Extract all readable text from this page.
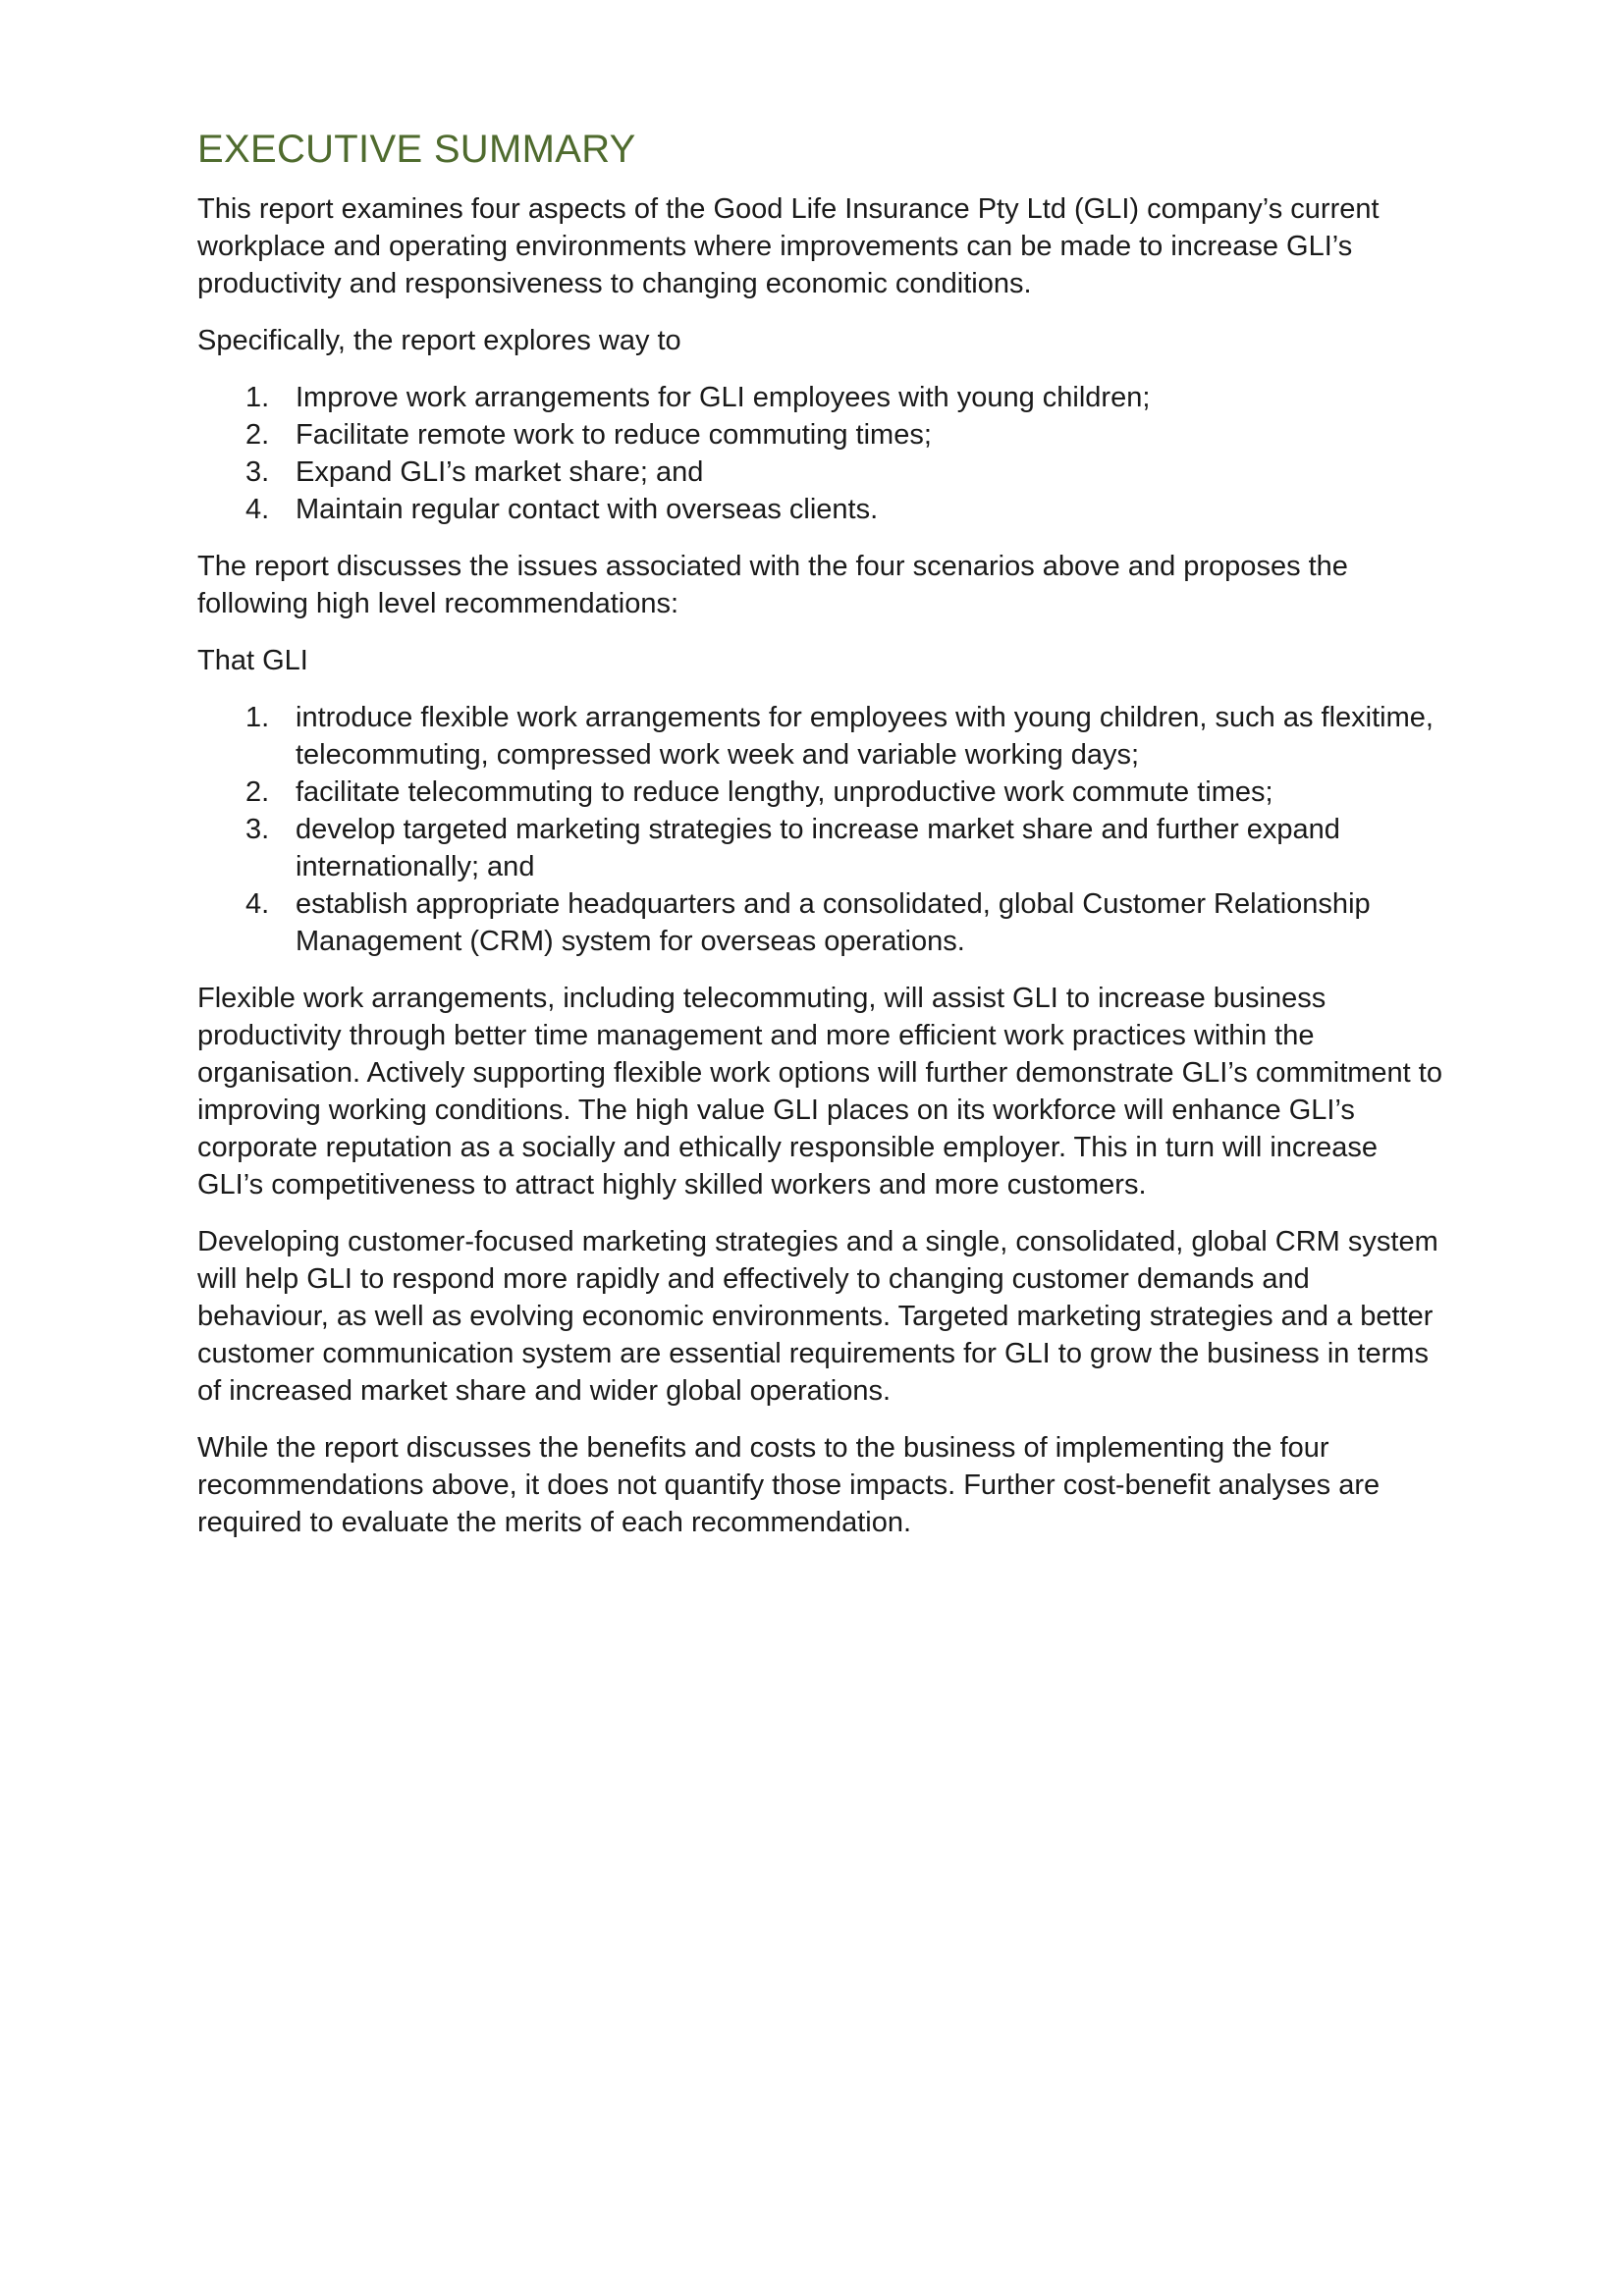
EXECUTIVE SUMMARY

This report examines four aspects of the Good Life Insurance Pty Ltd (GLI) company’s current workplace and operating environments where improvements can be made to increase GLI’s productivity and responsiveness to changing economic conditions.

Specifically, the report explores way to

1. Improve work arrangements for GLI employees with young children;
2. Facilitate remote work to reduce commuting times;
3. Expand GLI’s market share; and
4. Maintain regular contact with overseas clients.

The report discusses the issues associated with the four scenarios above and proposes the following high level recommendations:

That GLI

1. introduce flexible work arrangements for employees with young children, such as flexitime, telecommuting, compressed work week and variable working days;
2. facilitate telecommuting to reduce lengthy, unproductive work commute times;
3. develop targeted marketing strategies to increase market share and further expand internationally; and
4. establish appropriate headquarters and a consolidated, global Customer Relationship Management (CRM) system for overseas operations.

Flexible work arrangements, including telecommuting, will assist GLI to increase business productivity through better time management and more efficient work practices within the organisation. Actively supporting flexible work options will further demonstrate GLI’s commitment to improving working conditions. The high value GLI places on its workforce will enhance GLI’s corporate reputation as a socially and ethically responsible employer. This in turn will increase GLI’s competitiveness to attract highly skilled workers and more customers.

Developing customer-focused marketing strategies and a single, consolidated, global CRM system will help GLI to respond more rapidly and effectively to changing customer demands and behaviour, as well as evolving economic environments. Targeted marketing strategies and a better customer communication system are essential requirements for GLI to grow the business in terms of increased market share and wider global operations.

While the report discusses the benefits and costs to the business of implementing the four recommendations above, it does not quantify those impacts. Further cost-benefit analyses are required to evaluate the merits of each recommendation.
